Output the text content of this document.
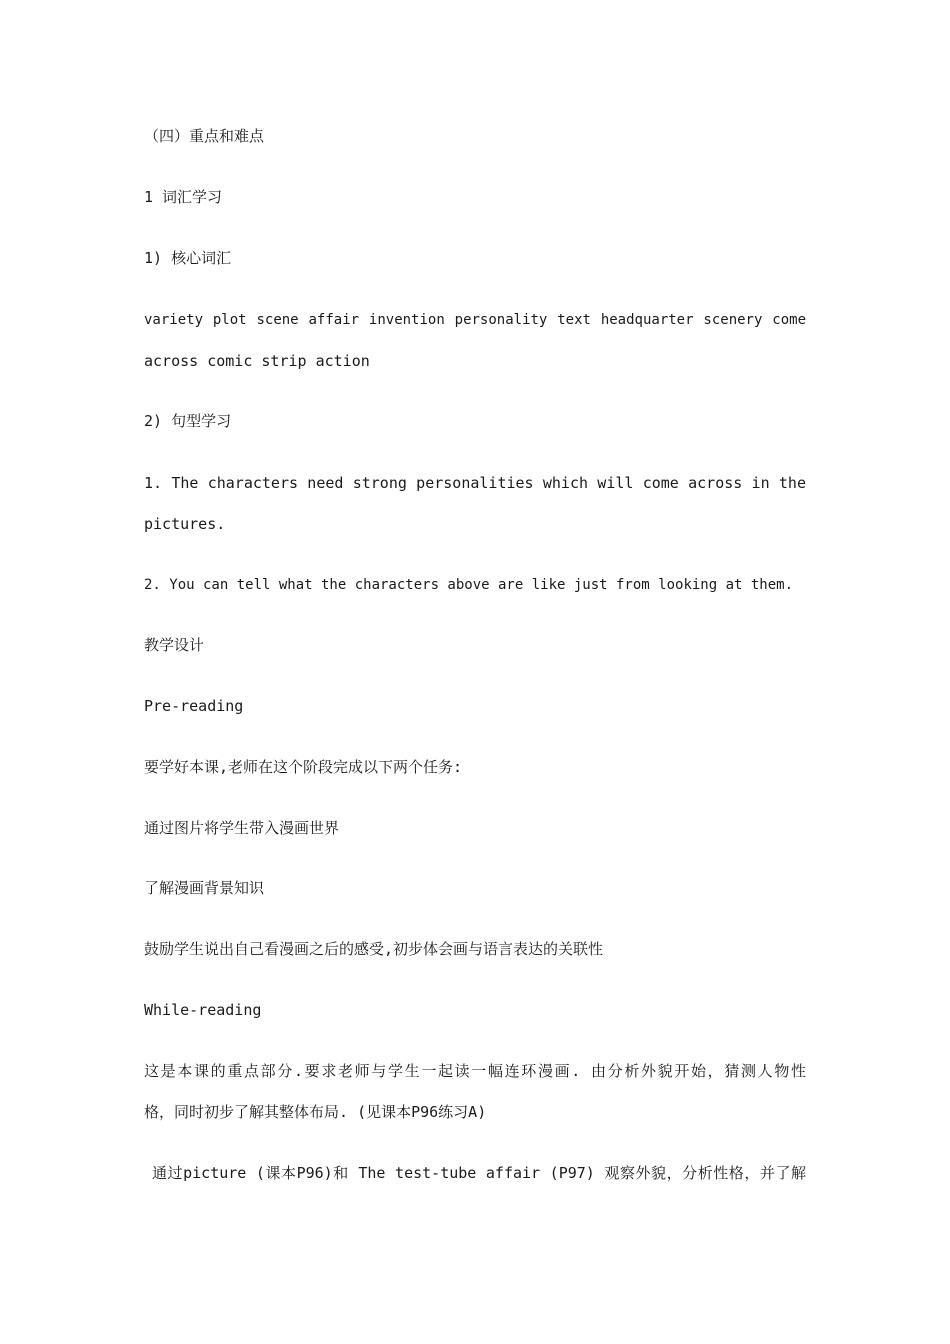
（四）重点和难点
1 词汇学习
1) 核心词汇
variety plot scene affair invention personality text headquarter scenery come
across comic strip action
2) 句型学习
1. The characters need strong personalities which will come across in the
pictures.
2. You can tell what the characters above are like just from looking at them.
教学设计
Pre-reading
要学好本课,老师在这个阶段完成以下两个任务:
通过图片将学生带入漫画世界
了解漫画背景知识
鼓励学生说出自己看漫画之后的感受,初步体会画与语言表达的关联性
While-reading
这是本课的重点部分.要求老师与学生一起读一幅连环漫画. 由分析外貌开始，猜测人物性
格，同时初步了解其整体布局. (见课本P96练习A)
通过picture (课本P96)和 The test-tube affair (P97) 观察外貌，分析性格，并了解
